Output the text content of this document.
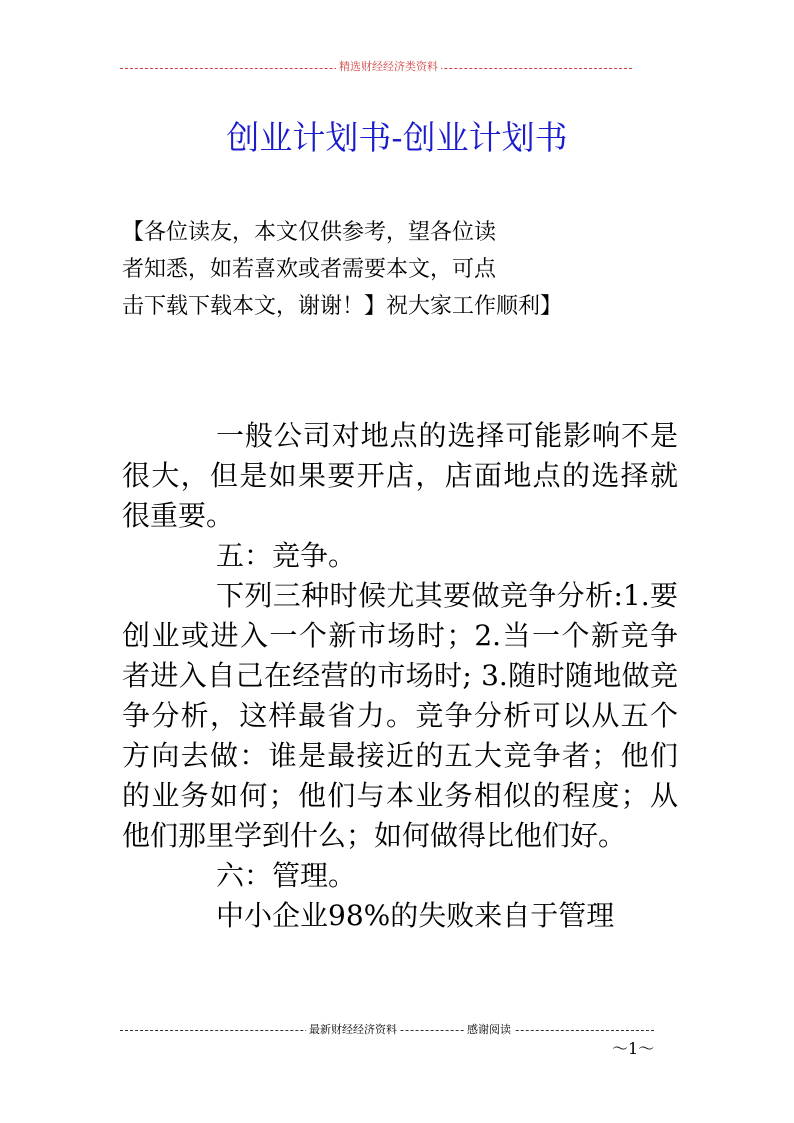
精选财经经济类资料
创业计划书-创业计划书

【各位读友，本文仅供参考，望各位读

者知悉，如若喜欢或者需要本文，可点

击下载下载本文，谢谢！】祝大家工作顺利】

一般公司对地点的选择可能影响不是很大，但是如果要开店，店面地点的选择就很重要。

五：竞争。

下列三种时候尤其要做竞争分析:1.要创业或进入一个新市场时；2.当一个新竞争者进入自己在经营的市场时; 3.随时随地做竞争分析，这样最省力。竞争分析可以从五个方向去做：谁是最接近的五大竞争者；他们的业务如何；他们与本业务相似的程度；从他们那里学到什么；如何做得比他们好。

六：管理。

中小企业98%的失败来自于管理

最新财经经济资料	感谢阅读
～1～
